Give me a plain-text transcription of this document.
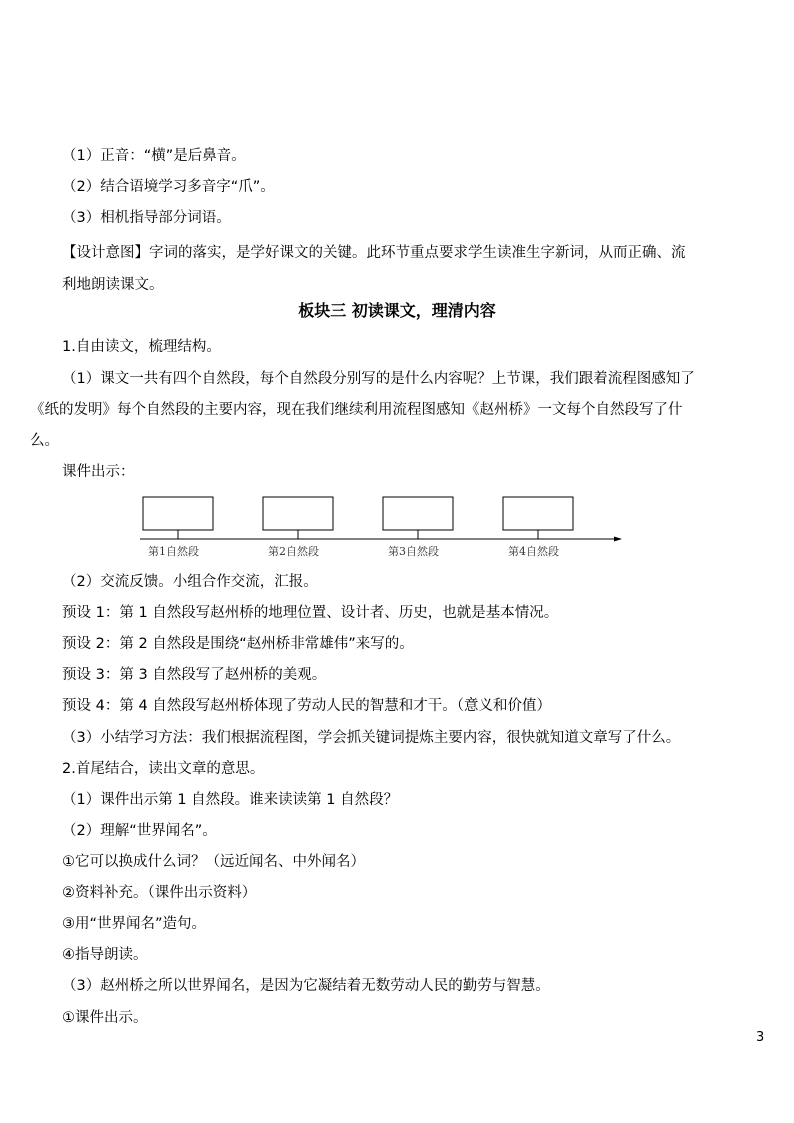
（1）正音：“横”是后鼻音。
（2）结合语境学习多音字“爪”。
（3）相机指导部分词语。
【设计意图】字词的落实，是学好课文的关键。此环节重点要求学生读准生字新词，从而正确、流
利地朗读课文。
板块三 初读课文，理清内容
1.自由读文，梳理结构。
（1）课文一共有四个自然段，每个自然段分别写的是什么内容呢？上节课，我们跟着流程图感知了
《纸的发明》每个自然段的主要内容，现在我们继续利用流程图感知《赵州桥》一文每个自然段写了什
么。
课件出示：
第1自然段	第2自然段	第3自然段	第4自然段
（2）交流反馈。小组合作交流，汇报。
预设 1：第 1 自然段写赵州桥的地理位置、设计者、历史，也就是基本情况。
预设 2：第 2 自然段是围绕“赵州桥非常雄伟”来写的。
预设 3：第 3 自然段写了赵州桥的美观。
预设 4：第 4 自然段写赵州桥体现了劳动人民的智慧和才干。（意义和价值）
（3）小结学习方法：我们根据流程图，学会抓关键词提炼主要内容，很快就知道文章写了什么。
2.首尾结合，读出文章的意思。
（1）课件出示第 1 自然段。谁来读读第 1 自然段？
（2）理解“世界闻名”。
①它可以换成什么词？（远近闻名、中外闻名）
②资料补充。（课件出示资料）
③用“世界闻名”造句。
④指导朗读。
（3）赵州桥之所以世界闻名，是因为它凝结着无数劳动人民的勤劳与智慧。
①课件出示。
3
